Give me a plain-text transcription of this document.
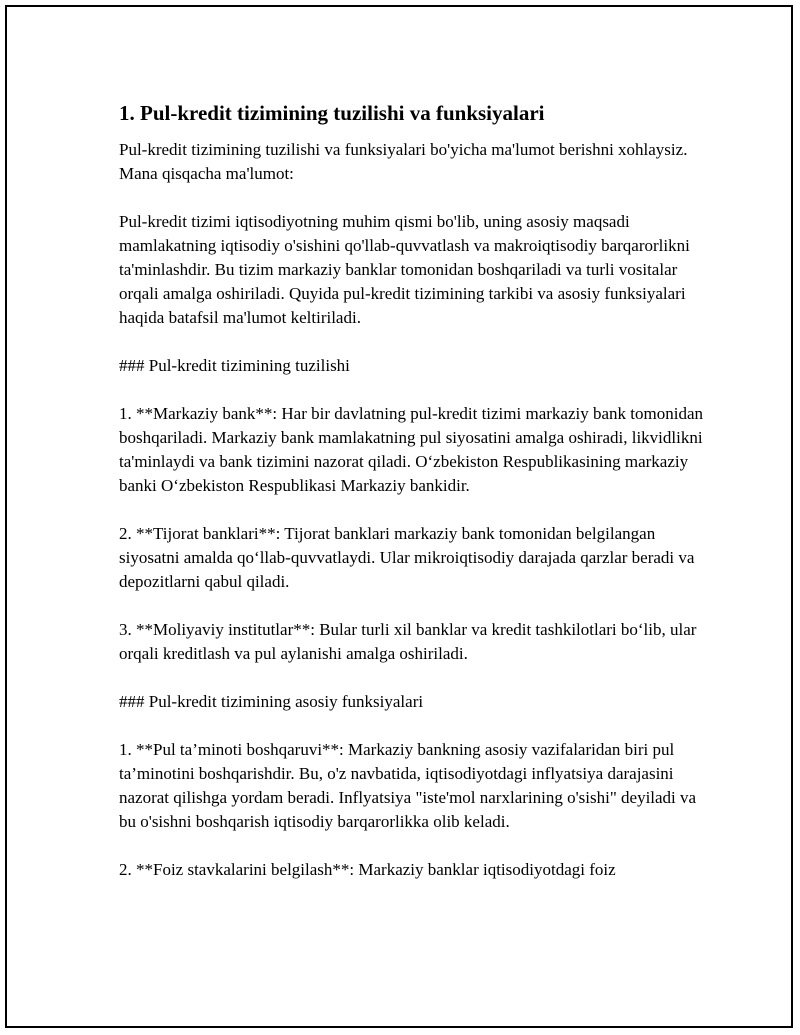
1. Pul-kredit tizimining tuzilishi va funksiyalari

Pul-kredit tizimining tuzilishi va funksiyalari bo'yicha ma'lumot berishni xohlaysiz. Mana qisqacha ma'lumot:

Pul-kredit tizimi iqtisodiyotning muhim qismi bo'lib, uning asosiy maqsadi mamlakatning iqtisodiy o'sishini qo'llab-quvvatlash va makroiqtisodiy barqarorlikni ta'minlashdir. Bu tizim markaziy banklar tomonidan boshqariladi va turli vositalar orqali amalga oshiriladi. Quyida pul-kredit tizimining tarkibi va asosiy funksiyalari haqida batafsil ma'lumot keltiriladi.

### Pul-kredit tizimining tuzilishi

1. **Markaziy bank**: Har bir davlatning pul-kredit tizimi markaziy bank tomonidan boshqariladi. Markaziy bank mamlakatning pul siyosatini amalga oshiradi, likvidlikni ta'minlaydi va bank tizimini nazorat qiladi. O‘zbekiston Respublikasining markaziy banki O‘zbekiston Respublikasi Markaziy bankidir.

2. **Tijorat banklari**: Tijorat banklari markaziy bank tomonidan belgilangan siyosatni amalda qo‘llab-quvvatlaydi. Ular mikroiqtisodiy darajada qarzlar beradi va depozitlarni qabul qiladi.

3. **Moliyaviy institutlar**: Bular turli xil banklar va kredit tashkilotlari bo‘lib, ular orqali kreditlash va pul aylanishi amalga oshiriladi.

### Pul-kredit tizimining asosiy funksiyalari

1. **Pul ta’minoti boshqaruvi**: Markaziy bankning asosiy vazifalaridan biri pul ta’minotini boshqarishdir. Bu, o'z navbatida, iqtisodiyotdagi inflyatsiya darajasini nazorat qilishga yordam beradi. Inflyatsiya "iste'mol narxlarining o'sishi" deyiladi va bu o'sishni boshqarish iqtisodiy barqarorlikka olib keladi.

2. **Foiz stavkalarini belgilash**: Markaziy banklar iqtisodiyotdagi foiz
